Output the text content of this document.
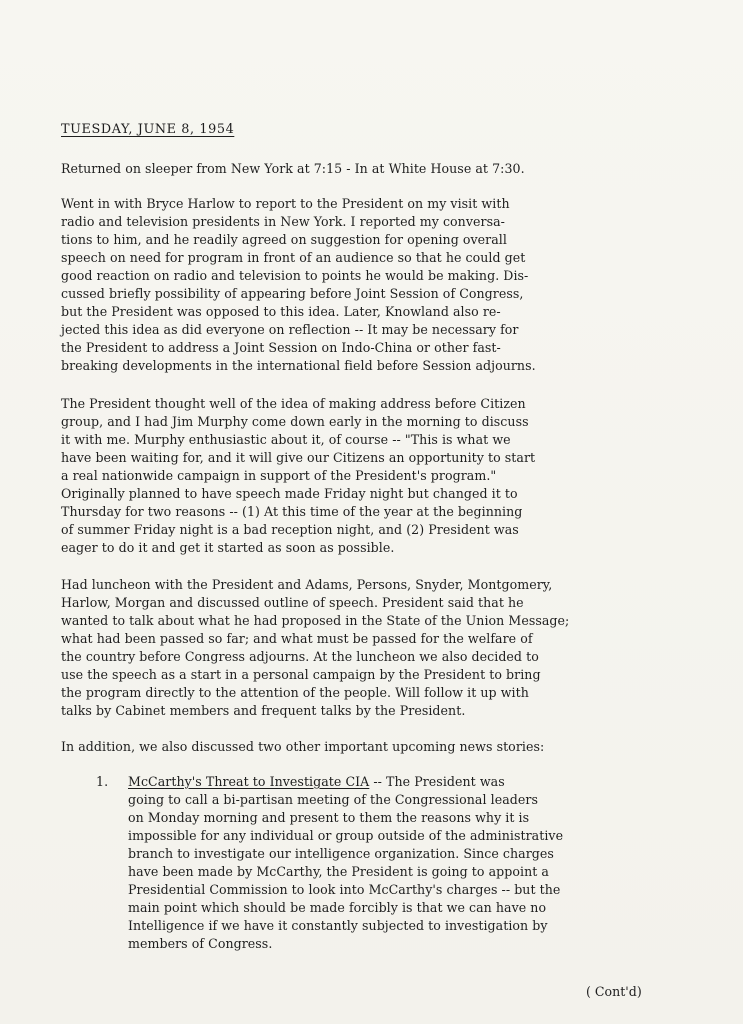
TUESDAY, JUNE 8, 1954

Returned on sleeper from New York at 7:15 - In at White House at 7:30.

Went in with Bryce Harlow to report to the President on my visit with

radio and television presidents in New York. I reported my conversa-

tions to him, and he readily agreed on suggestion for opening overall

speech on need for program in front of an audience so that he could get

good reaction on radio and television to points he would be making. Dis-

cussed briefly possibility of appearing before Joint Session of Congress,

but the President was opposed to this idea. Later, Knowland also re-

jected this idea as did everyone on reflection -- It may be necessary for

the President to address a Joint Session on Indo-China or other fast-

breaking developments in the international field before Session adjourns.

The President thought well of the idea of making address before Citizen

group, and I had Jim Murphy come down early in the morning to discuss

it with me. Murphy enthusiastic about it, of course -- "This is what we

have been waiting for, and it will give our Citizens an opportunity to start

a real nationwide campaign in support of the President's program."

Originally planned to have speech made Friday night but changed it to

Thursday for two reasons -- (1) At this time of the year at the beginning

of summer Friday night is a bad reception night, and (2) President was

eager to do it and get it started as soon as possible.

Had luncheon with the President and Adams, Persons, Snyder, Montgomery,

Harlow, Morgan and discussed outline of speech. President said that he

wanted to talk about what he had proposed in the State of the Union Message;

what had been passed so far; and what must be passed for the welfare of

the country before Congress adjourns. At the luncheon we also decided to

use the speech as a start in a personal campaign by the President to bring

the program directly to the attention of the people. Will follow it up with

talks by Cabinet members and frequent talks by the President.

In addition, we also discussed two other important upcoming news stories:

1. McCarthy's Threat to Investigate CIA -- The President was

going to call a bi-partisan meeting of the Congressional leaders

on Monday morning and present to them the reasons why it is

impossible for any individual or group outside of the administrative

branch to investigate our intelligence organization. Since charges

have been made by McCarthy, the President is going to appoint a

Presidential Commission to look into McCarthy's charges -- but the

main point which should be made forcibly is that we can have no

Intelligence if we have it constantly subjected to investigation by

members of Congress.

( Cont'd)
